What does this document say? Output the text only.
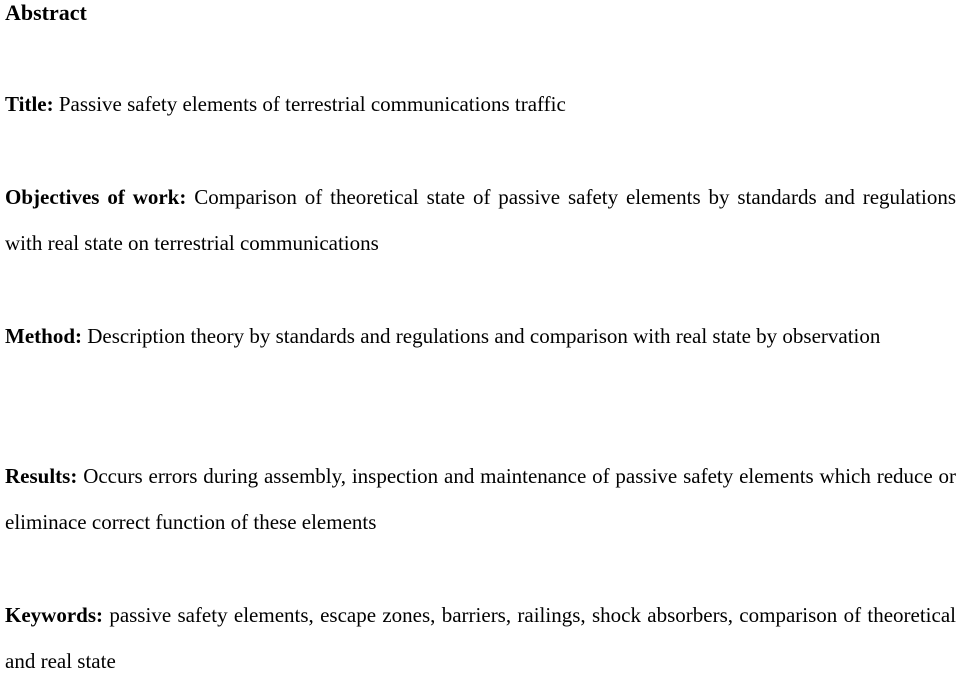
Abstract

Title: Passive safety elements of terrestrial communications traffic

Objectives of work: Comparison of theoretical state of passive safety elements by standards and regulations with real state on terrestrial communications

Method: Description theory by standards and regulations and comparison with real state by observation

Results: Occurs errors during assembly, inspection and maintenance of passive safety elements which reduce or eliminace correct function of these elements

Keywords: passive safety elements, escape zones, barriers, railings, shock absorbers, comparison of theoretical and real state
